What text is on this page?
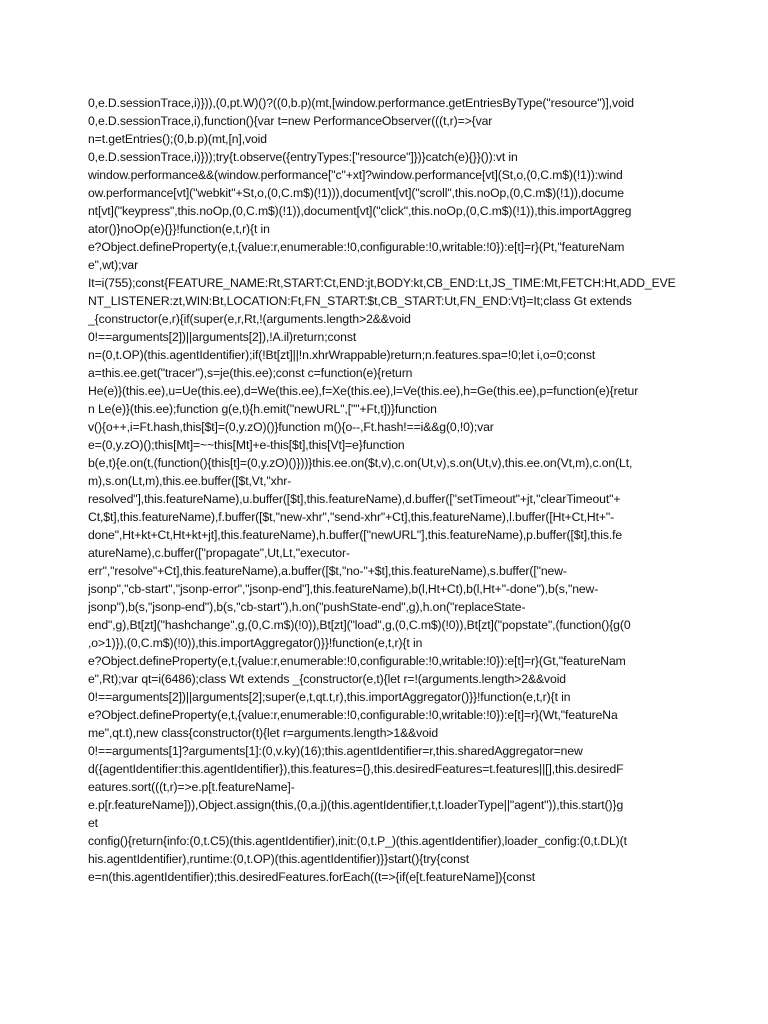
0,e.D.sessionTrace,i)})),(0,pt.W)()?((0,b.p)(mt,[window.performance.getEntriesByType("resource")],void
0,e.D.sessionTrace,i),function(){var t=new PerformanceObserver(((t,r)=>{var
n=t.getEntries();(0,b.p)(mt,[n],void
0,e.D.sessionTrace,i)}));try{t.observe({entryTypes:["resource"]})}catch(e){}}()):vt in
window.performance&&(window.performance["c"+xt]?window.performance[vt](St,o,(0,C.m$)(!1)):wind
ow.performance[vt]("webkit"+St,o,(0,C.m$)(!1))),document[vt]("scroll",this.noOp,(0,C.m$)(!1)),docume
nt[vt]("keypress",this.noOp,(0,C.m$)(!1)),document[vt]("click",this.noOp,(0,C.m$)(!1)),this.importAggreg
ator()}noOp(e){}}!function(e,t,r){t in
e?Object.defineProperty(e,t,{value:r,enumerable:!0,configurable:!0,writable:!0}):e[t]=r}(Pt,"featureNam
e",wt);var
It=i(755);const{FEATURE_NAME:Rt,START:Ct,END:jt,BODY:kt,CB_END:Lt,JS_TIME:Mt,FETCH:Ht,ADD_EVE
NT_LISTENER:zt,WIN:Bt,LOCATION:Ft,FN_START:$t,CB_START:Ut,FN_END:Vt}=It;class Gt extends
_{constructor(e,r){if(super(e,r,Rt,!(arguments.length>2&&void
0!==arguments[2])||arguments[2]),!A.il)return;const
n=(0,t.OP)(this.agentIdentifier);if(!Bt[zt]||!n.xhrWrappable)return;n.features.spa=!0;let i,o=0;const
a=this.ee.get("tracer"),s=je(this.ee);const c=function(e){return
He(e)}(this.ee),u=Ue(this.ee),d=We(this.ee),f=Xe(this.ee),l=Ve(this.ee),h=Ge(this.ee),p=function(e){retur
n Le(e)}(this.ee);function g(e,t){h.emit("newURL",[""+Ft,t])}function
v(){o++,i=Ft.hash,this[$t]=(0,y.zO)()}function m(){o--,Ft.hash!==i&&g(0,!0);var
e=(0,y.zO)();this[Mt]=~~this[Mt]+e-this[$t],this[Vt]=e}function
b(e,t){e.on(t,(function(){this[t]=(0,y.zO)()}))}this.ee.on($t,v),c.on(Ut,v),s.on(Ut,v),this.ee.on(Vt,m),c.on(Lt,
m),s.on(Lt,m),this.ee.buffer([$t,Vt,"xhr-
resolved"],this.featureName),u.buffer([$t],this.featureName),d.buffer(["setTimeout"+jt,"clearTimeout"+
Ct,$t],this.featureName),f.buffer([$t,"new-xhr","send-xhr"+Ct],this.featureName),l.buffer([Ht+Ct,Ht+"-
done",Ht+kt+Ct,Ht+kt+jt],this.featureName),h.buffer(["newURL"],this.featureName),p.buffer([$t],this.fe
atureName),c.buffer(["propagate",Ut,Lt,"executor-
err","resolve"+Ct],this.featureName),a.buffer([$t,"no-"+$t],this.featureName),s.buffer(["new-
jsonp","cb-start","jsonp-error","jsonp-end"],this.featureName),b(l,Ht+Ct),b(l,Ht+"-done"),b(s,"new-
jsonp"),b(s,"jsonp-end"),b(s,"cb-start"),h.on("pushState-end",g),h.on("replaceState-
end",g),Bt[zt]("hashchange",g,(0,C.m$)(!0)),Bt[zt]("load",g,(0,C.m$)(!0)),Bt[zt]("popstate",(function(){g(0
,o>1)}),(0,C.m$)(!0)),this.importAggregator()}}!function(e,t,r){t in
e?Object.defineProperty(e,t,{value:r,enumerable:!0,configurable:!0,writable:!0}):e[t]=r}(Gt,"featureNam
e",Rt);var qt=i(6486);class Wt extends _{constructor(e,t){let r=!(arguments.length>2&&void
0!==arguments[2])||arguments[2];super(e,t,qt.t,r),this.importAggregator()}}!function(e,t,r){t in
e?Object.defineProperty(e,t,{value:r,enumerable:!0,configurable:!0,writable:!0}):e[t]=r}(Wt,"featureNa
me",qt.t),new class{constructor(t){let r=arguments.length>1&&void
0!==arguments[1]?arguments[1]:(0,v.ky)(16);this.agentIdentifier=r,this.sharedAggregator=new
d({agentIdentifier:this.agentIdentifier}),this.features={},this.desiredFeatures=t.features||[],this.desiredF
eatures.sort(((t,r)=>e.p[t.featureName]-
e.p[r.featureName])),Object.assign(this,(0,a.j)(this.agentIdentifier,t,t.loaderType||"agent")),this.start()}g
et
config(){return{info:(0,t.C5)(this.agentIdentifier),init:(0,t.P_)(this.agentIdentifier),loader_config:(0,t.DL)(t
his.agentIdentifier),runtime:(0,t.OP)(this.agentIdentifier)}}start(){try{const
e=n(this.agentIdentifier);this.desiredFeatures.forEach((t=>{if(e[t.featureName]){const
